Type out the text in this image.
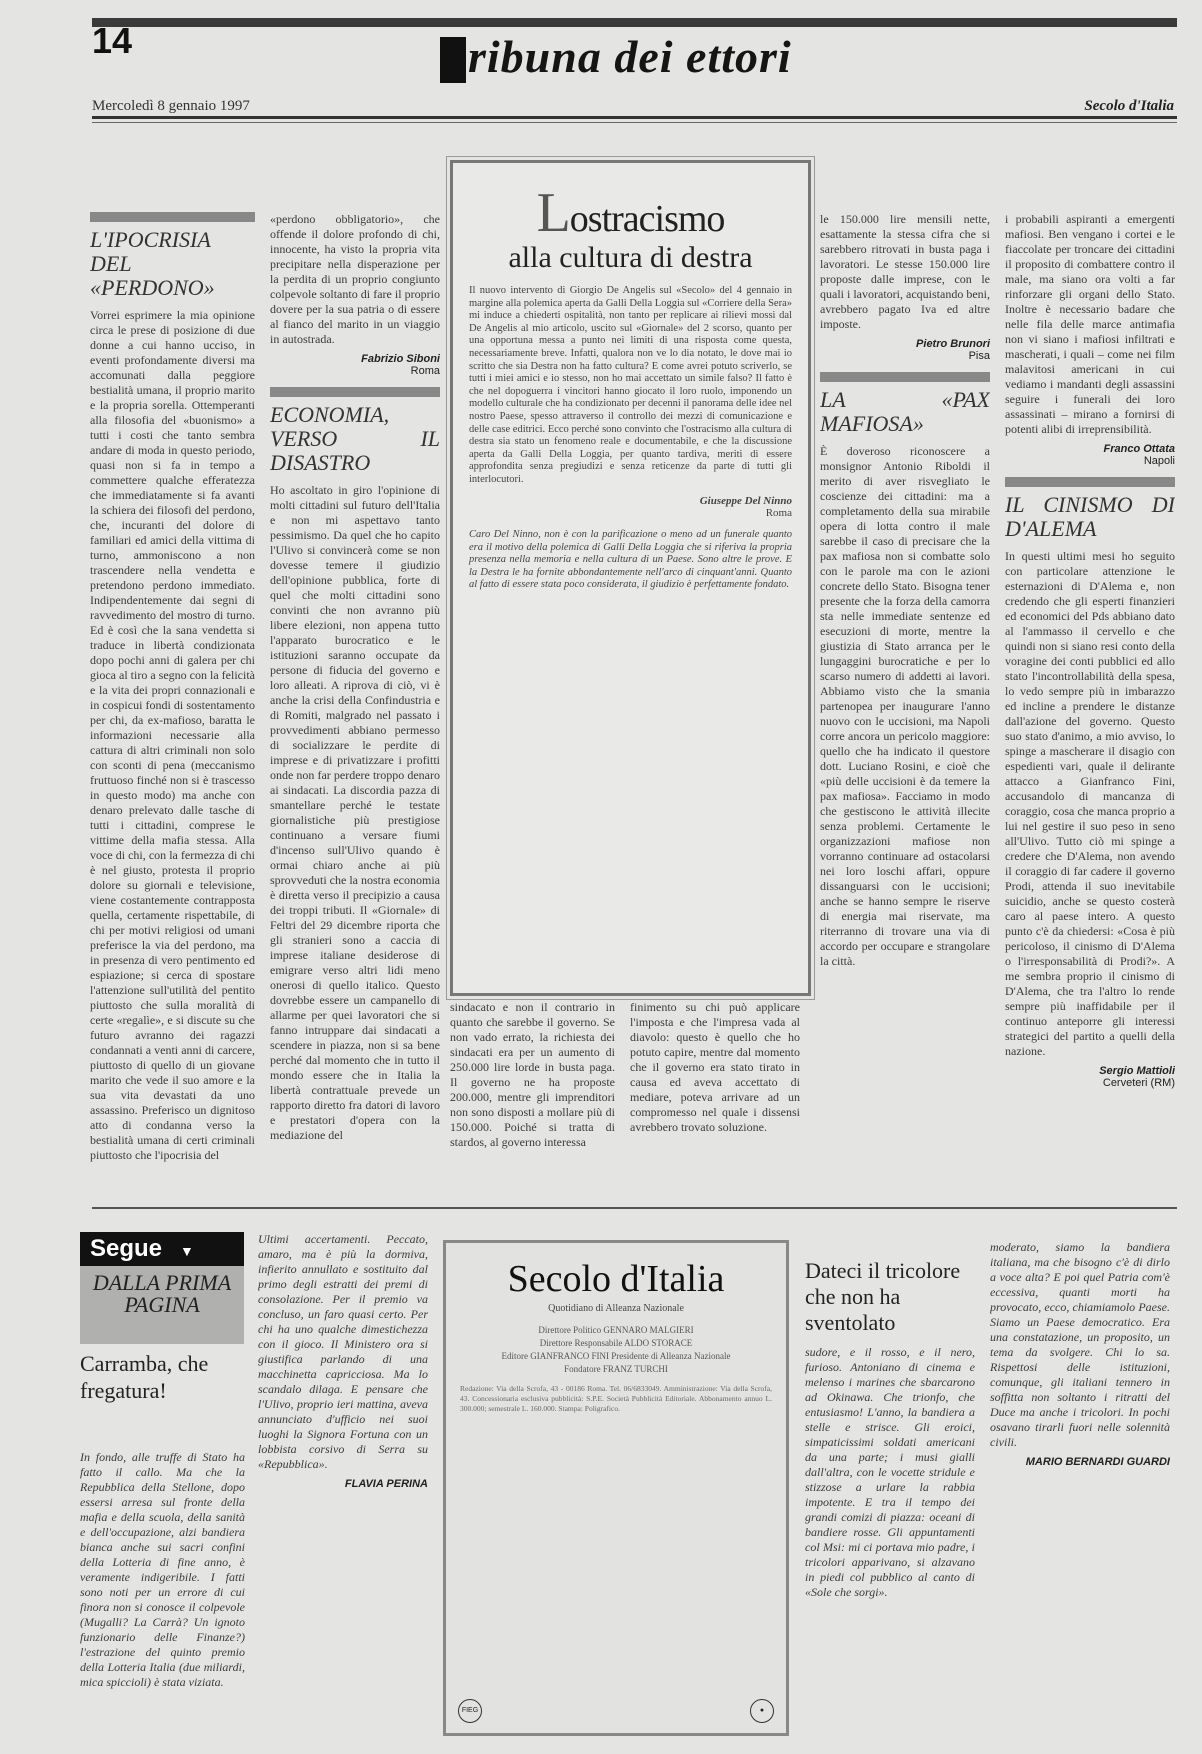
14	ribuna dei ettori
Mercoledì 8 gennaio 1997	Secolo d'Italia
L'IPOCRISIA DEL «PERDONO»

Vorrei esprimere la mia opinione circa le prese di posizione di due donne a cui hanno ucciso, in eventi profondamente diversi ma accomunati dalla peggiore bestialità umana, il proprio marito e la propria sorella. Ottemperanti alla filosofia del «buonismo» a tutti i costi che tanto sembra andare di moda in questo periodo, quasi non si fa in tempo a commettere qualche efferatezza che immediatamente si fa avanti la schiera dei filosofi del perdono, che, incuranti del dolore di familiari ed amici della vittima di turno, ammoniscono a non trascendere nella vendetta e pretendono perdono immediato. Indipendentemente dai segni di ravvedimento del mostro di turno. Ed è così che la sana vendetta si traduce in libertà condizionata dopo pochi anni di galera per chi gioca al tiro a segno con la felicità e la vita dei propri connazionali e in cospicui fondi di sostentamento per chi, da ex-mafioso, baratta le informazioni necessarie alla cattura di altri criminali non solo con sconti di pena (meccanismo fruttuoso finché non si è trascesso in questo modo) ma anche con denaro prelevato dalle tasche di tutti i cittadini, comprese le vittime della mafia stessa. Alla voce di chi, con la fermezza di chi è nel giusto, protesta il proprio dolore su giornali e televisione, viene costantemente contrapposta quella, certamente rispettabile, di chi per motivi religiosi od umani preferisce la via del perdono, ma in presenza di vero pentimento ed espiazione; si cerca di spostare l'attenzione sull'utilità del pentito piuttosto che sulla moralità di certe «regalìe», e si discute su che futuro avranno dei ragazzi condannati a venti anni di carcere, piuttosto di quello di un giovane marito che vede il suo amore e la sua vita devastati da uno assassino. Preferisco un dignitoso atto di condanna verso la bestialità umana di certi criminali piuttosto che l'ipocrisia del

«perdono obbligatorio», che offende il dolore profondo di chi, innocente, ha visto la propria vita precipitare nella disperazione per la perdita di un proprio congiunto colpevole soltanto di fare il proprio dovere per la sua patria o di essere al fianco del marito in un viaggio in autostrada.

Fabrizio Siboni
Roma
ECONOMIA, VERSO IL DISASTRO

Ho ascoltato in giro l'opinione di molti cittadini sul futuro dell'Italia e non mi aspettavo tanto pessimismo. Da quel che ho capito l'Ulivo si convincerà come se non dovesse temere il giudizio dell'opinione pubblica, forte di quel che molti cittadini sono convinti che non avranno più libere elezioni, non appena tutto l'apparato burocratico e le istituzioni saranno occupate da persone di fiducia del governo e loro alleati. A riprova di ciò, vi è anche la crisi della Confindustria e di Romiti, malgrado nel passato i provvedimenti abbiano permesso di socializzare le perdite di imprese e di privatizzare i profitti onde non far perdere troppo denaro ai sindacati. La discordia pazza di smantellare perché le testate giornalistiche più prestigiose continuano a versare fiumi d'incenso sull'Ulivo quando è ormai chiaro anche ai più sprovveduti che la nostra economia è diretta verso il precipizio a causa dei troppi tributi. Il «Giornale» di Feltri del 29 dicembre riporta che gli stranieri sono a caccia di imprese italiane desiderose di emigrare verso altri lidi meno onerosi di quello italico. Questo dovrebbe essere un campanello di allarme per quei lavoratori che si fanno intruppare dai sindacati a scendere in piazza, non si sa bene perché dal momento che in tutto il mondo essere che in Italia la libertà contrattuale prevede un rapporto diretto fra datori di lavoro e prestatori d'opera con la mediazione del

sindacato e non il contrario in quanto che sarebbe il governo. Se non vado errato, la richiesta dei sindacati era per un aumento di 250.000 lire lorde in busta paga. Il governo ne ha proposte 200.000, mentre gli imprenditori non sono disposti a mollare più di 150.000. Poiché si tratta di stardos, al governo interessa

Lostracismo
alla cultura di destra
Il nuovo intervento di Giorgio De Angelis sul «Secolo» del 4 gennaio in margine alla polemica aperta da Galli Della Loggia sul «Corriere della Sera» mi induce a chiederti ospitalità, non tanto per replicare ai rilievi mossi dal De Angelis al mio articolo, uscito sul «Giornale» del 2 scorso, quanto per una opportuna messa a punto nei limiti di una risposta come questa, necessariamente breve. Infatti, qualora non ve lo dia notato, le dove mai io scritto che sia Destra non ha fatto cultura? E come avrei potuto scriverlo, se tutti i miei amici e io stesso, non ho mai accettato un simile falso? Il fatto è che nel dopoguerra i vincitori hanno giocato il loro ruolo, imponendo un modello culturale che ha condizionato per decenni il panorama delle idee nel nostro Paese, spesso attraverso il controllo dei mezzi di comunicazione e delle case editrici. Ecco perché sono convinto che l'ostracismo alla cultura di destra sia stato un fenomeno reale e documentabile, e che la discussione aperta da Galli Della Loggia, per quanto tardiva, meriti di essere approfondita senza pregiudizi e senza reticenze da parte di tutti gli interlocutori.
Giuseppe Del Ninno
Roma
Caro Del Ninno, non è con la parificazione o meno ad un funerale quanto era il motivo della polemica di Galli Della Loggia che si riferiva la propria presenza nella memoria e nella cultura di un Paese. Sono altre le prove. E la Destra le ha fornite abbondantemente nell'arco di cinquant'anni. Quanto al fatto di essere stata poco considerata, il giudizio è perfettamente fondato.

le 150.000 lire mensili nette, esattamente la stessa cifra che si sarebbero ritrovati in busta paga i lavoratori. Le stesse 150.000 lire proposte dalle imprese, con le quali i lavoratori, acquistando beni, avrebbero pagato Iva ed altre imposte.

Pietro Brunori
Pisa
LA «PAX MAFIOSA»

È doveroso riconoscere a monsignor Antonio Riboldi il merito di aver risvegliato le coscienze dei cittadini: ma a completamento della sua mirabile opera di lotta contro il male sarebbe il caso di precisare che la pax mafiosa non si combatte solo con le parole ma con le azioni concrete dello Stato. Bisogna tener presente che la forza della camorra sta nelle immediate sentenze ed esecuzioni di morte, mentre la giustizia di Stato arranca per le lungaggini burocratiche e per lo scarso numero di addetti ai lavori. Abbiamo visto che la smania partenopea per inaugurare l'anno nuovo con le uccisioni, ma Napoli corre ancora un pericolo maggiore: quello che ha indicato il questore dott. Luciano Rosini, e cioè che «più delle uccisioni è da temere la pax mafiosa». Facciamo in modo che gestiscono le attività illecite senza problemi. Certamente le organizzazioni mafiose non vorranno continuare ad ostacolarsi nei loro loschi affari, oppure dissanguarsi con le uccisioni; anche se hanno sempre le riserve di energia mai riservate, ma riterranno di trovare una via di accordo per occupare e strangolare la città.

finimento su chi può applicare l'imposta e che l'impresa vada al diavolo: questo è quello che ho potuto capire, mentre dal momento che il governo era stato tirato in causa ed aveva accettato di mediare, poteva arrivare ad un compromesso nel quale i dissensi avrebbero trovato soluzione.

i probabili aspiranti a emergenti mafiosi. Ben vengano i cortei e le fiaccolate per troncare dei cittadini il proposito di combattere contro il male, ma siano ora volti a far rinforzare gli organi dello Stato. Inoltre è necessario badare che nelle fila delle marce antimafia non vi siano i mafiosi infiltrati e mascherati, i quali – come nei film malavitosi americani in cui vediamo i mandanti degli assassini seguire i funerali dei loro assassinati – mirano a fornirsi di potenti alibi di irreprensibilità.

Franco Ottata
Napoli
IL CINISMO DI D'ALEMA

In questi ultimi mesi ho seguito con particolare attenzione le esternazioni di D'Alema e, non credendo che gli esperti finanzieri ed economici del Pds abbiano dato al l'ammasso il cervello e che quindi non si siano resi conto della voragine dei conti pubblici ed allo stato l'incontrollabilità della spesa, lo vedo sempre più in imbarazzo ed incline a prendere le distanze dall'azione del governo. Questo suo stato d'animo, a mio avviso, lo spinge a mascherare il disagio con espedienti vari, quale il delirante attacco a Gianfranco Fini, accusandolo di mancanza di coraggio, cosa che manca proprio a lui nel gestire il suo peso in seno all'Ulivo. Tutto ciò mi spinge a credere che D'Alema, non avendo il coraggio di far cadere il governo Prodi, attenda il suo inevitabile suicidio, anche se questo costerà caro al paese intero. A questo punto c'è da chiedersi: «Cosa è più pericoloso, il cinismo di D'Alema o l'irresponsabilità di Prodi?». A me sembra proprio il cinismo di D'Alema, che tra l'altro lo rende sempre più inaffidabile per il continuo anteporre gli interessi strategici del partito a quelli della nazione.

Sergio Mattioli
Cerveteri (RM)
Segue ▼
DALLA PRIMA PAGINA
Carramba, che fregatura!

In fondo, alle truffe di Stato ha fatto il callo. Ma che la Repubblica della Stellone, dopo essersi arresa sul fronte della mafia e della scuola, della sanità e dell'occupazione, alzi bandiera bianca anche sui sacri confini della Lotteria di fine anno, è veramente indigeribile. I fatti sono noti per un errore di cui finora non si conosce il colpevole (Mugalli? La Carrà? Un ignoto funzionario delle Finanze?) l'estrazione del quinto premio della Lotteria Italia (due miliardi, mica spiccioli) è stata viziata.

Ultimi accertamenti. Peccato, amaro, ma è più la dormiva, infierito annullato e sostituito dal primo degli estratti dei premi di consolazione. Per il premio va concluso, un faro quasi certo. Per chi ha uno qualche dimestichezza con il gioco. Il Ministero ora si giustifica parlando di una macchinetta capricciosa. Ma lo scandalo dilaga. E pensare che l'Ulivo, proprio ieri mattina, aveva annunciato d'ufficio nei suoi luoghi la Signora Fortuna con un lobbista corsivo di Serra su «Repubblica».

FLAVIA PERINA
Secolo d'Italia
Quotidiano di Alleanza Nazionale
Direttore Politico GENNARO MALGIERI
Direttore Responsabile ALDO STORACE
Editore GIANFRANCO FINI Presidente di Alleanza Nazionale
Fondatore FRANZ TURCHI
Redazione: Via della Scrofa, 43 - 00186 Roma. Tel. 06/6833049. Amministrazione: Via della Scrofa, 43. Concessionaria esclusiva pubblicità: S.P.E. Società Pubblicità Editoriale. Abbonamento annuo L. 300.000; semestrale L. 160.000. Stampa: Poligrafico.
FIEG	●
Dateci il tricolore che non ha sventolato

sudore, e il rosso, e il nero, furioso. Antoniano di cinema e melenso i marines che sbarcarono ad Okinawa. Che trionfo, che entusiasmo! L'anno, la bandiera a stelle e strisce. Gli eroici, simpaticissimi soldati americani da una parte; i musi gialli dall'altra, con le vocette stridule e stizzose a urlare la rabbia impotente. E tra il tempo dei grandi comizi di piazza: oceani di bandiere rosse. Gli appuntamenti col Msi: mi ci portava mio padre, i tricolori apparivano, si alzavano in piedi col pubblico al canto di «Sole che sorgi».

moderato, siamo la bandiera italiana, ma che bisogno c'è di dirlo a voce alta? E poi quel Patria com'è eccessiva, quanti morti ha provocato, ecco, chiamiamolo Paese. Siamo un Paese democratico. Era una constatazione, un proposito, un tema da svolgere. Chi lo sa. Rispettosi delle istituzioni, comunque, gli italiani tennero in soffitta non soltanto i ritratti del Duce ma anche i tricolori. In pochi osavano tirarli fuori nelle solennità civili.

MARIO BERNARDI GUARDI
